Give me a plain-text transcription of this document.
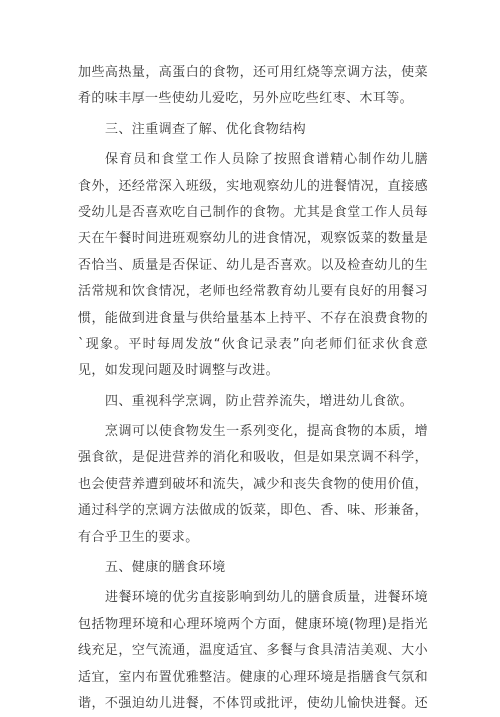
加些高热量，高蛋白的食物，还可用红烧等烹调方法，使菜
肴的味丰厚一些使幼儿爱吃，另外应吃些红枣、木耳等。
三、注重调查了解、优化食物结构
保育员和食堂工作人员除了按照食谱精心制作幼儿膳
食外，还经常深入班级，实地观察幼儿的进餐情况，直接感
受幼儿是否喜欢吃自己制作的食物。尤其是食堂工作人员每
天在午餐时间进班观察幼儿的进食情况，观察饭菜的数量是
否恰当、质量是否保证、幼儿是否喜欢。以及检查幼儿的生
活常规和饮食情况，老师也经常教育幼儿要有良好的用餐习
惯，能做到进食量与供给量基本上持平、不存在浪费食物的
`现象。平时每周发放“伙食记录表”向老师们征求伙食意
见，如发现问题及时调整与改进。
四、重视科学烹调，防止营养流失，增进幼儿食欲。
烹调可以使食物发生一系列变化，提高食物的本质，增
强食欲，是促进营养的消化和吸收，但是如果烹调不科学，
也会使营养遭到破坏和流失，减少和丧失食物的使用价值，
通过科学的烹调方法做成的饭菜，即色、香、味、形兼备，
有合乎卫生的要求。
五、健康的膳食环境
进餐环境的优劣直接影响到幼儿的膳食质量，进餐环境
包括物理环境和心理环境两个方面，健康环境(物理)是指光
线充足，空气流通，温度适宜、多餐与食具清洁美观、大小
适宜，室内布置优雅整洁。健康的心理环境是指膳食气氛和
谐，不强迫幼儿进餐，不体罚或批评，使幼儿愉快进餐。还
